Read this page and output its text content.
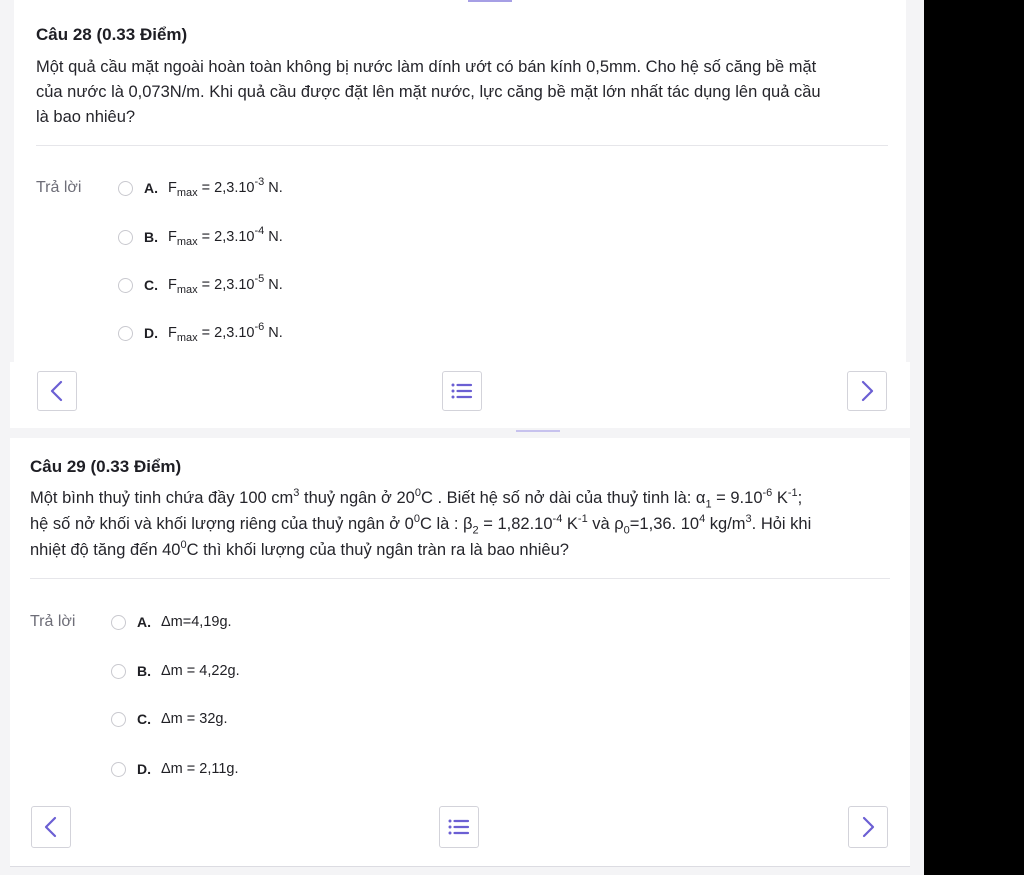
Câu 28 (0.33 Điểm)
Một quả cầu mặt ngoài hoàn toàn không bị nước làm dính ướt có bán kính 0,5mm. Cho hệ số căng bề mặt
của nước là 0,073N/m. Khi quả cầu được đặt lên mặt nước, lực căng bề mặt lớn nhất tác dụng lên quả cầu
là bao nhiêu?
Trả lời	A. $F_{max} = 2,3.10^{-3}$ N.
B. $F_{max} = 2,3.10^{-4}$ N.
C. $F_{max} = 2,3.10^{-5}$ N.
D. $F_{max} = 2,3.10^{-6}$ N.
Câu 29 (0.33 Điểm)
Một bình thuỷ tinh chứa đầy 100 $cm^3$ thuỷ ngân ở $20^0C$ . Biết hệ số nở dài của thuỷ tinh là: $\alpha_1 = 9.10^{-6}$ $K^{-1}$;
hệ số nở khối và khối lượng riêng của thuỷ ngân ở $0^0C$ là : $\beta_2 = 1,82.10^{-4}$ $K^{-1}$ và $\rho_0=1,36$. $10^4$ $kg/m^3$. Hỏi khi
nhiệt độ tăng đến $40^0C$ thì khối lượng của thuỷ ngân tràn ra là bao nhiêu?
Trả lời	A. Δm=4,19g.
B. Δm = 4,22g.
C. Δm = 32g.
D. Δm = 2,11g.
